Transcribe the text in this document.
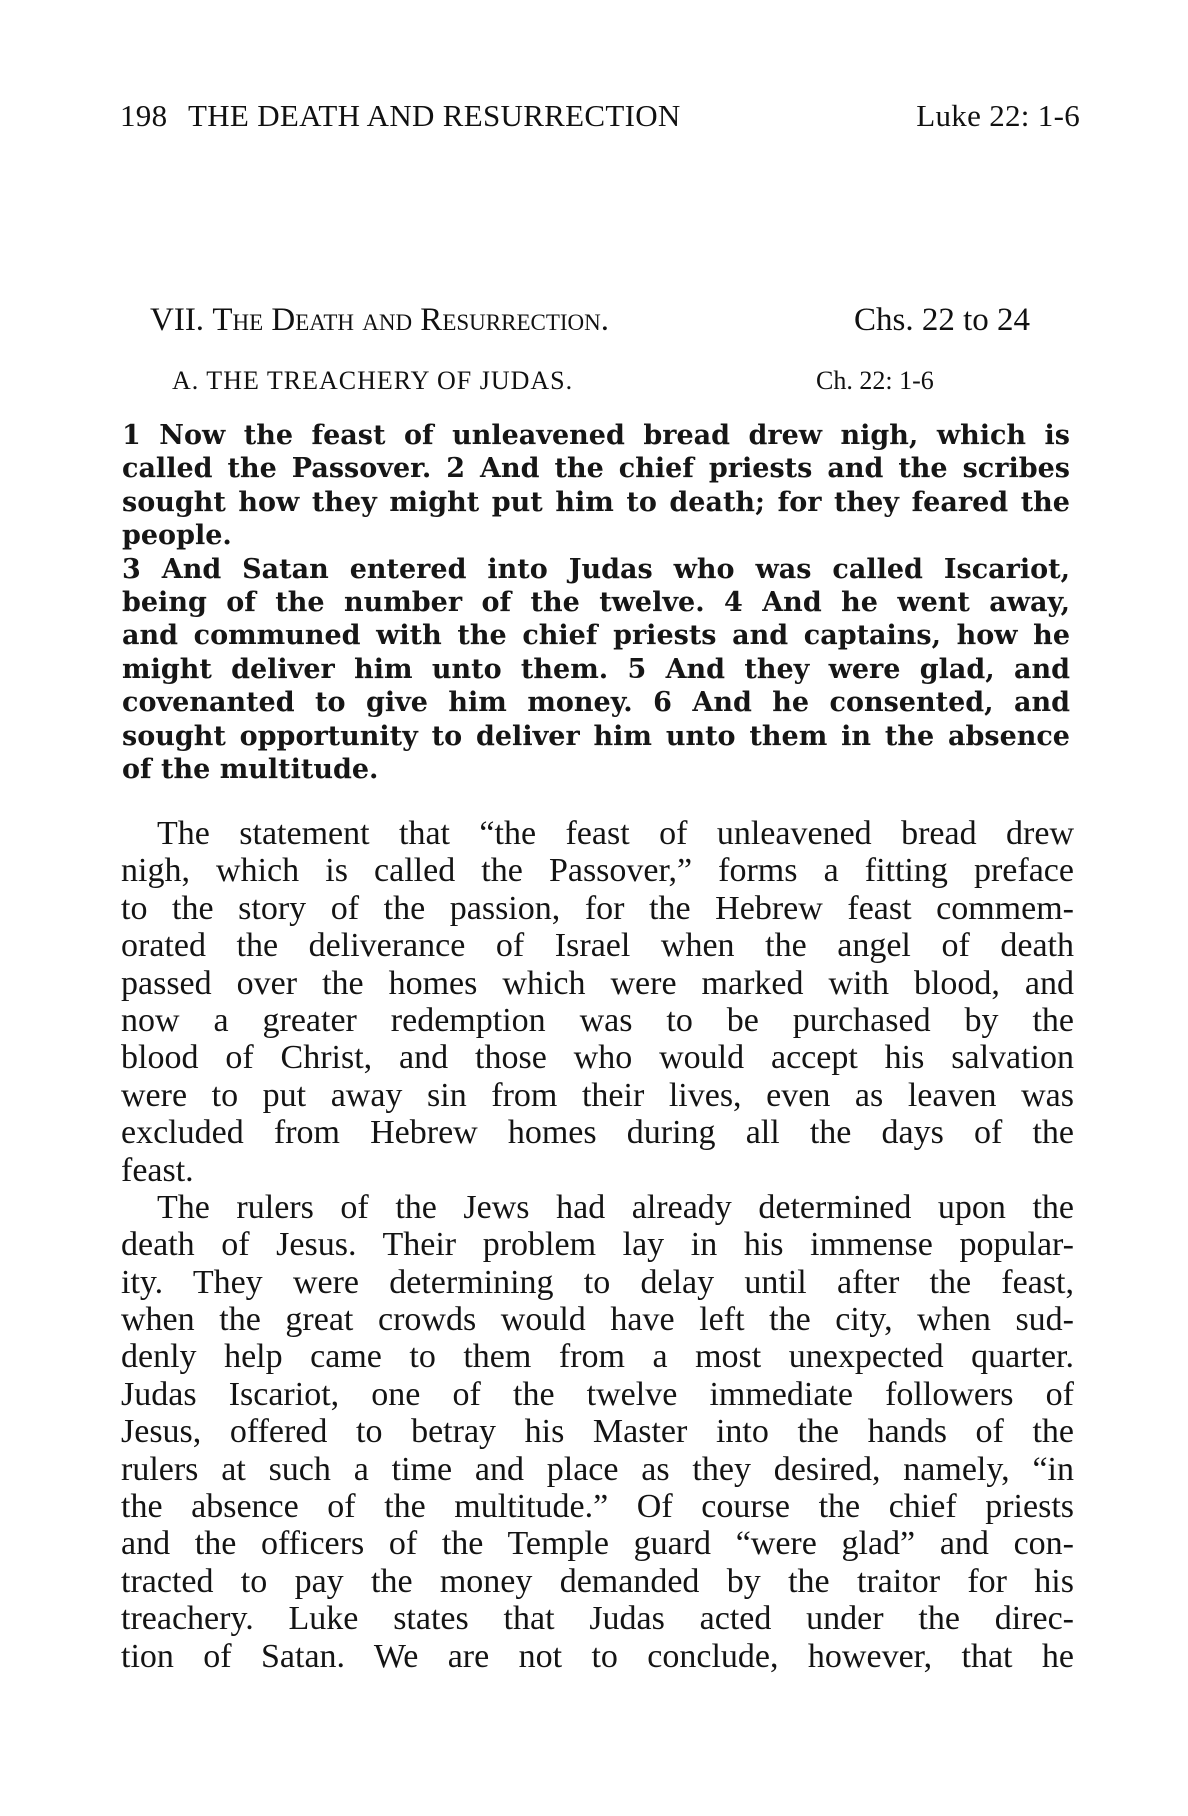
198 THE DEATH AND RESURRECTION	Luke 22: 1-6
VII. The Death and Resurrection.	Chs. 22 to 24
A. THE TREACHERY OF JUDAS.	Ch. 22: 1-6
1 Now the feast of unleavened bread drew nigh, which is
called the Passover. 2 And the chief priests and the scribes
sought how they might put him to death; for they feared the
people.
3 And Satan entered into Judas who was called Iscariot,
being of the number of the twelve. 4 And he went away,
and communed with the chief priests and captains, how he
might deliver him unto them. 5 And they were glad, and
covenanted to give him money. 6 And he consented, and
sought opportunity to deliver him unto them in the absence
of the multitude.
The statement that “the feast of unleavened bread drew
nigh, which is called the Passover,” forms a fitting preface
to the story of the passion, for the Hebrew feast commem-
orated the deliverance of Israel when the angel of death
passed over the homes which were marked with blood, and
now a greater redemption was to be purchased by the
blood of Christ, and those who would accept his salvation
were to put away sin from their lives, even as leaven was
excluded from Hebrew homes during all the days of the
feast.
The rulers of the Jews had already determined upon the
death of Jesus. Their problem lay in his immense popular-
ity. They were determining to delay until after the feast,
when the great crowds would have left the city, when sud-
denly help came to them from a most unexpected quarter.
Judas Iscariot, one of the twelve immediate followers of
Jesus, offered to betray his Master into the hands of the
rulers at such a time and place as they desired, namely, “in
the absence of the multitude.” Of course the chief priests
and the officers of the Temple guard “were glad” and con-
tracted to pay the money demanded by the traitor for his
treachery. Luke states that Judas acted under the direc-
tion of Satan. We are not to conclude, however, that he
